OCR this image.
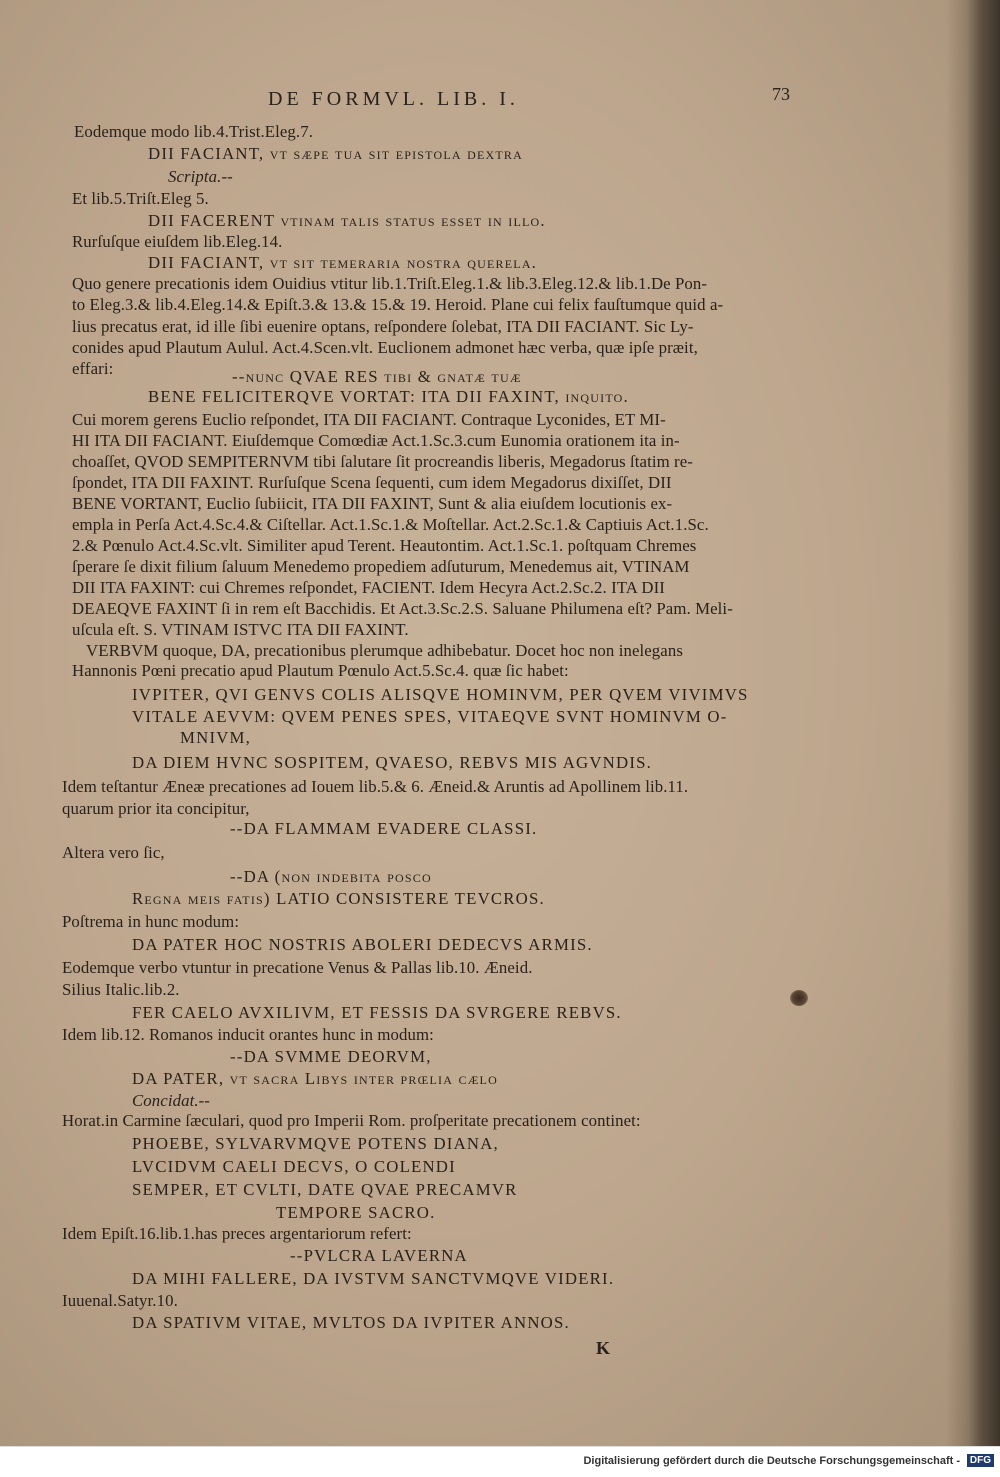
DE FORMVL. LIB. I.	73
Eodemque modo lib.4.Trist.Eleg.7.
DII FACIANT, vt ſæpe tua ſit epiſtola dextra
Scripta.--
Et lib.5.Triſt.Eleg 5.
DII FACERENT vtinam talis ſtatus eſſet in illo.
Rurſuſque eiuſdem lib.Eleg.14.
DII FACIANT, vt ſit temeraria noſtra querela.
Quo genere precationis idem Ouidius vtitur lib.1.Triſt.Eleg.1.& lib.3.Eleg.12.& lib.1.De Pon-
to Eleg.3.& lib.4.Eleg.14.& Epiſt.3.& 13.& 15.& 19. Heroid. Plane cui felix fauſtumque quid a-
lius precatus erat, id ille ſibi euenire optans, reſpondere ſolebat, ITA DII FACIANT. Sic Ly-
conides apud Plautum Aulul. Act.4.Scen.vlt. Euclionem admonet hæc verba, quæ ipſe præit,
effari:	--nunc QVAE RES tibi & gnatæ tuæ
BENE FELICITERQVE VORTAT: ITA DII FAXINT, inquito.
Cui morem gerens Euclio reſpondet, ITA DII FACIANT. Contraque Lyconides, ET MI-
HI ITA DII FACIANT. Eiuſdemque Comœdiæ Act.1.Sc.3.cum Eunomia orationem ita in-
choaſſet, QVOD SEMPITERNVM tibi ſalutare ſit procreandis liberis, Megadorus ſtatim re-
ſpondet, ITA DII FAXINT. Rurſuſque Scena ſequenti, cum idem Megadorus dixiſſet, DII
BENE VORTANT, Euclio ſubiicit, ITA DII FAXINT, Sunt & alia eiuſdem locutionis ex-
empla in Perſa Act.4.Sc.4.& Ciſtellar. Act.1.Sc.1.& Moſtellar. Act.2.Sc.1.& Captiuis Act.1.Sc.
2.& Pœnulo Act.4.Sc.vlt. Similiter apud Terent. Heautontim. Act.1.Sc.1. poſtquam Chremes
ſperare ſe dixit filium ſaluum Menedemo propediem adſuturum, Menedemus ait, VTINAM
DII ITA FAXINT: cui Chremes reſpondet, FACIENT. Idem Hecyra Act.2.Sc.2. ITA DII
DEAEQVE FAXINT ſi in rem eſt Bacchidis. Et Act.3.Sc.2.S. Saluane Philumena eſt? Pam. Meli-
uſcula eſt. S. VTINAM ISTVC ITA DII FAXINT.
VERBVM quoque, DA, precationibus plerumque adhibebatur. Docet hoc non inelegans
Hannonis Pœni precatio apud Plautum Pœnulo Act.5.Sc.4. quæ ſic habet:
IVPITER, QVI GENVS COLIS ALISQVE HOMINVM, PER QVEM VIVIMVS
VITALE AEVVM: QVEM PENES SPES, VITAEQVE SVNT HOMINVM O-
MNIVM,
DA DIEM HVNC SOSPITEM, QVAESO, REBVS MIS AGVNDIS.
Idem teſtantur Æneæ precationes ad Iouem lib.5.& 6. Æneid.& Aruntis ad Apollinem lib.11.
quarum prior ita concipitur,
--DA FLAMMAM EVADERE CLASSI.
Altera vero ſic,
--DA (non indebita poſco
Regna meis fatis) LATIO CONSISTERE TEVCROS.
Poſtrema in hunc modum:
DA PATER HOC NOSTRIS ABOLERI DEDECVS ARMIS.
Eodemque verbo vtuntur in precatione Venus & Pallas lib.10. Æneid.
Silius Italic.lib.2.
FER CAELO AVXILIVM, ET FESSIS DA SVRGERE REBVS.
Idem lib.12. Romanos inducit orantes hunc in modum:
--DA SVMME DEORVM,
DA PATER, vt ſacra Libys inter prœlia cælo
Concidat.--
Horat.in Carmine ſæculari, quod pro Imperii Rom. proſperitate precationem continet:
PHOEBE, SYLVARVMQVE POTENS DIANA,
LVCIDVM CAELI DECVS, O COLENDI
SEMPER, ET CVLTI, DATE QVAE PRECAMVR
TEMPORE SACRO.
Idem Epiſt.16.lib.1.has preces argentariorum refert:
--PVLCRA LAVERNA
DA MIHI FALLERE, DA IVSTVM SANCTVMQVE VIDERI.
Iuuenal.Satyr.10.
DA SPATIVM VITAE, MVLTOS DA IVPITER ANNOS.
K
Digitalisierung gefördert durch die Deutsche Forschungsgemeinschaft - DFG
